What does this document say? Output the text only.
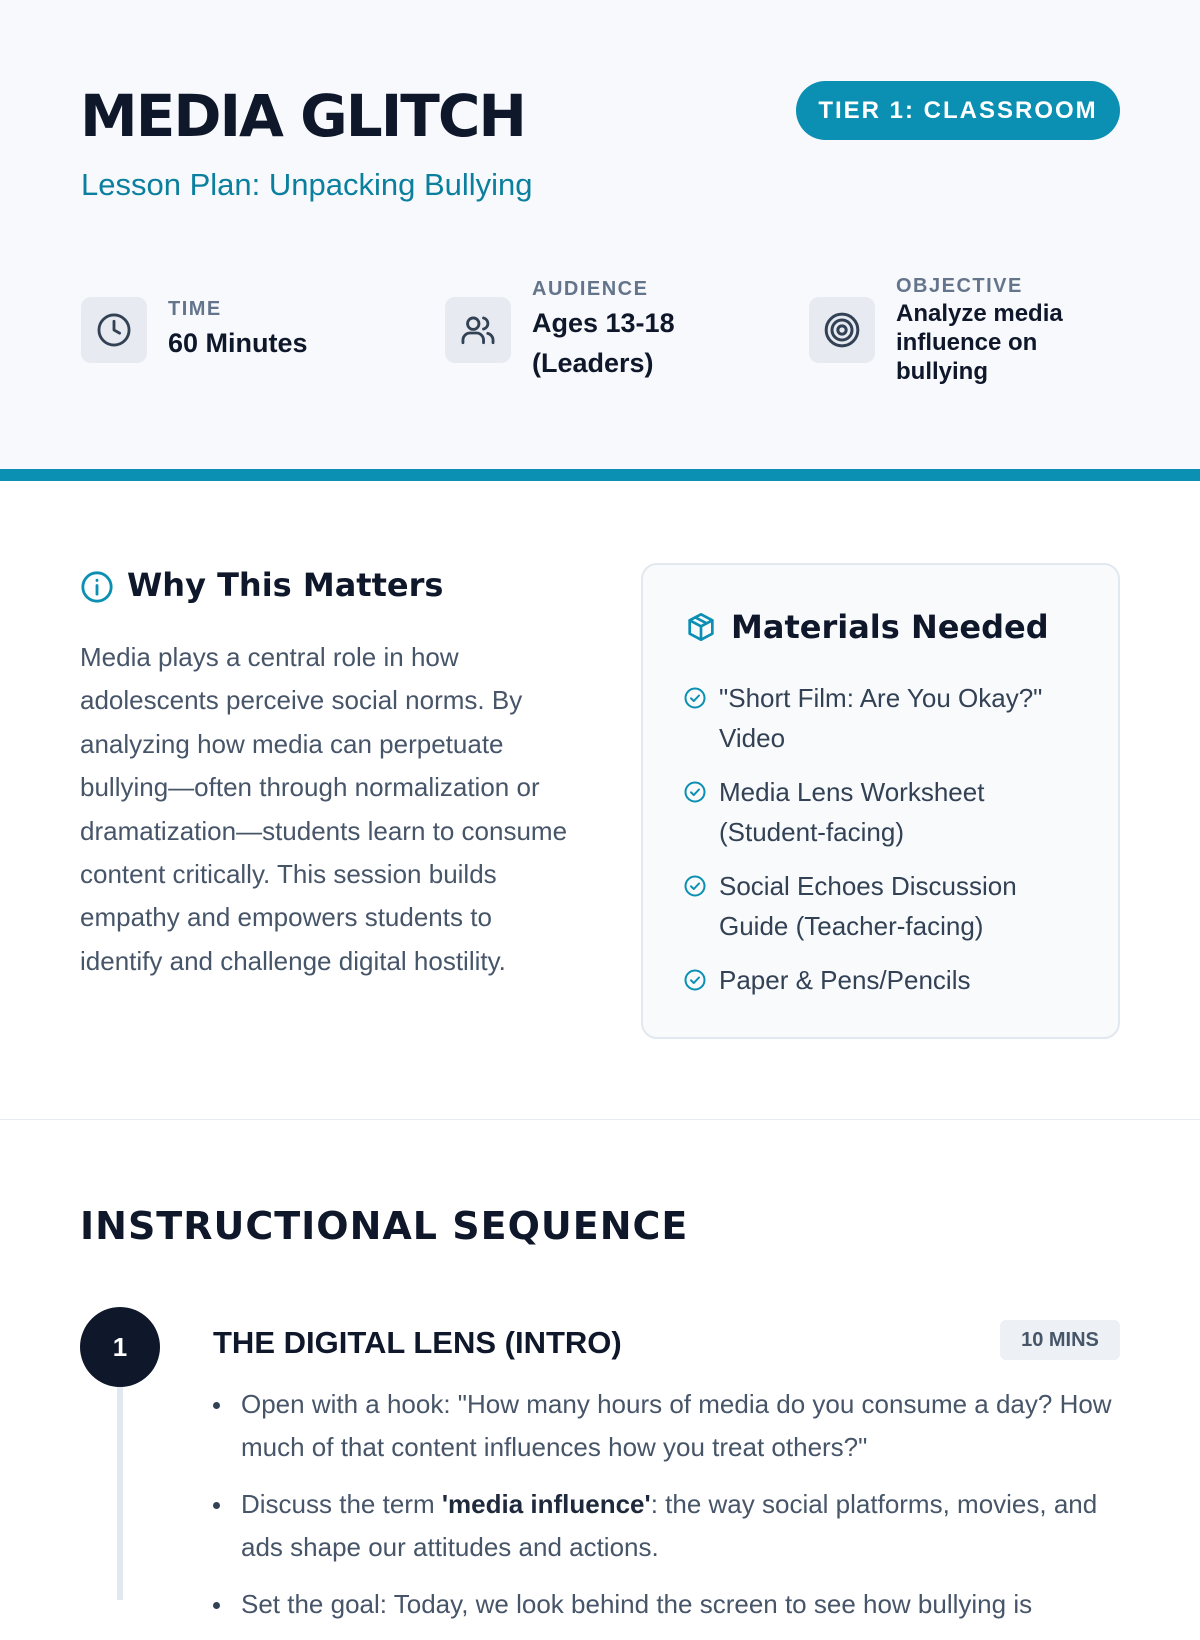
MEDIA GLITCH
Lesson Plan: Unpacking Bullying
TIER 1: CLASSROOM
TIME
60 Minutes
AUDIENCE
Ages 13-18
(Leaders)
OBJECTIVE
Analyze media
influence on
bullying
Why This Matters

Media plays a central role in how adolescents perceive social norms. By analyzing how media can perpetuate bullying—often through normalization or dramatization—students learn to consume content critically. This session builds empathy and empowers students to identify and challenge digital hostility.

Materials Needed
"Short Film: Are You Okay?" Video
Media Lens Worksheet (Student-facing)
Social Echoes Discussion Guide (Teacher-facing)
Paper & Pens/Pencils
INSTRUCTIONAL SEQUENCE
1	THE DIGITAL LENS (INTRO)	10 MINS
Open with a hook: "How many hours of media do you consume a day? How much of that content influences how you treat others?"
Discuss the term 'media influence': the way social platforms, movies, and ads shape our attitudes and actions.
Set the goal: Today, we look behind the screen to see how bullying is
